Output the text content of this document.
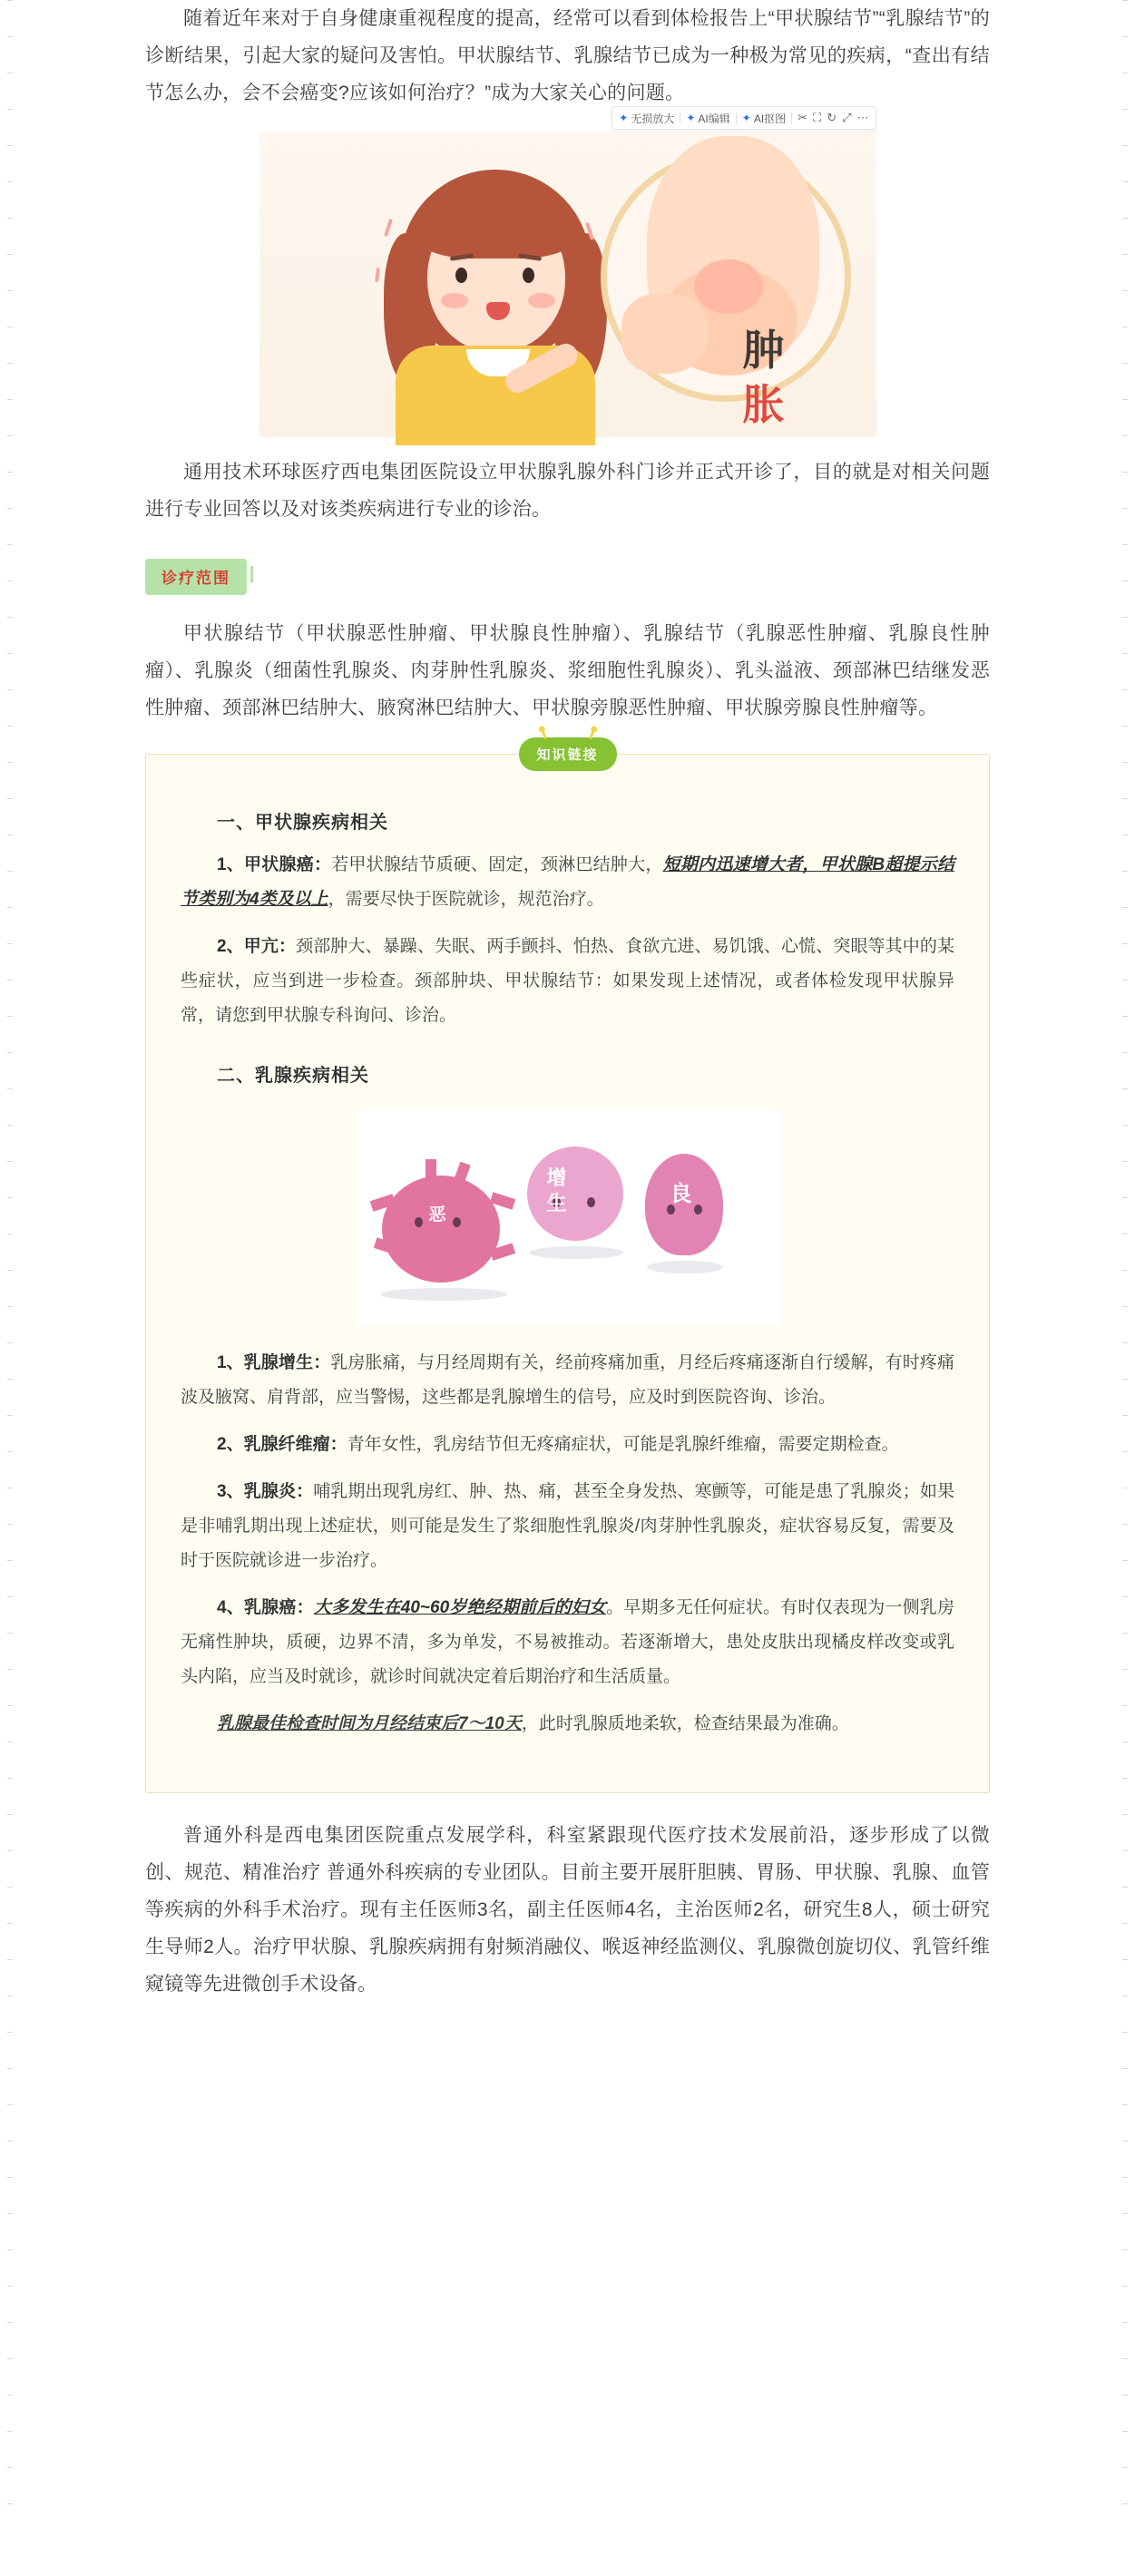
随着近年来对于自身健康重视程度的提高，经常可以看到体检报告上“甲状腺结节”“乳腺结节”的诊断结果，引起大家的疑问及害怕。甲状腺结节、乳腺结节已成为一种极为常见的疾病，“查出有结节怎么办，会不会癌变?应该如何治疗？”成为大家关心的问题。

✦ 无损放大 ✦ AI编辑 ✦ AI抠图 ✂ ⛶ ↻ ⤢ ⋯
肿
胀

通用技术环球医疗西电集团医院设立甲状腺乳腺外科门诊并正式开诊了，目的就是对相关问题进行专业回答以及对该类疾病进行专业的诊治。

诊疗范围

甲状腺结节（甲状腺恶性肿瘤、甲状腺良性肿瘤）、乳腺结节（乳腺恶性肿瘤、乳腺良性肿瘤）、乳腺炎（细菌性乳腺炎、肉芽肿性乳腺炎、浆细胞性乳腺炎）、乳头溢液、颈部淋巴结继发恶性肿瘤、颈部淋巴结肿大、腋窝淋巴结肿大、甲状腺旁腺恶性肿瘤、甲状腺旁腺良性肿瘤等。

知识链接
一、甲状腺疾病相关

1、甲状腺癌：若甲状腺结节质硬、固定，颈淋巴结肿大，短期内迅速增大者，甲状腺B超提示结节类别为4类及以上，需要尽快于医院就诊，规范治疗。

2、甲亢：颈部肿大、暴躁、失眠、两手颤抖、怕热、食欲亢进、易饥饿、心慌、突眼等其中的某些症状，应当到进一步检查。颈部肿块、甲状腺结节：如果发现上述情况，或者体检发现甲状腺异常，请您到甲状腺专科询问、诊治。

二、乳腺疾病相关
恶
增
生	良

1、乳腺增生：乳房胀痛，与月经周期有关，经前疼痛加重，月经后疼痛逐渐自行缓解，有时疼痛波及腋窝、肩背部，应当警惕，这些都是乳腺增生的信号，应及时到医院咨询、诊治。

2、乳腺纤维瘤：青年女性，乳房结节但无疼痛症状，可能是乳腺纤维瘤，需要定期检查。

3、乳腺炎：哺乳期出现乳房红、肿、热、痛，甚至全身发热、寒颤等，可能是患了乳腺炎；如果是非哺乳期出现上述症状，则可能是发生了浆细胞性乳腺炎/肉芽肿性乳腺炎，症状容易反复，需要及时于医院就诊进一步治疗。

4、乳腺癌：大多发生在40~60岁绝经期前后的妇女。早期多无任何症状。有时仅表现为一侧乳房无痛性肿块，质硬，边界不清，多为单发，不易被推动。若逐渐增大，患处皮肤出现橘皮样改变或乳头内陷，应当及时就诊，就诊时间就决定着后期治疗和生活质量。

乳腺最佳检查时间为月经结束后7～10天，此时乳腺质地柔软，检查结果最为准确。

普通外科是西电集团医院重点发展学科，科室紧跟现代医疗技术发展前沿，逐步形成了以微创、规范、精准治疗 普通外科疾病的专业团队。目前主要开展肝胆胰、胃肠、甲状腺、乳腺、血管等疾病的外科手术治疗。现有主任医师3名，副主任医师4名，主治医师2名，研究生8人，硕士研究生导师2人。治疗甲状腺、乳腺疾病拥有射频消融仪、喉返神经监测仪、乳腺微创旋切仪、乳管纤维窥镜等先进微创手术设备。
